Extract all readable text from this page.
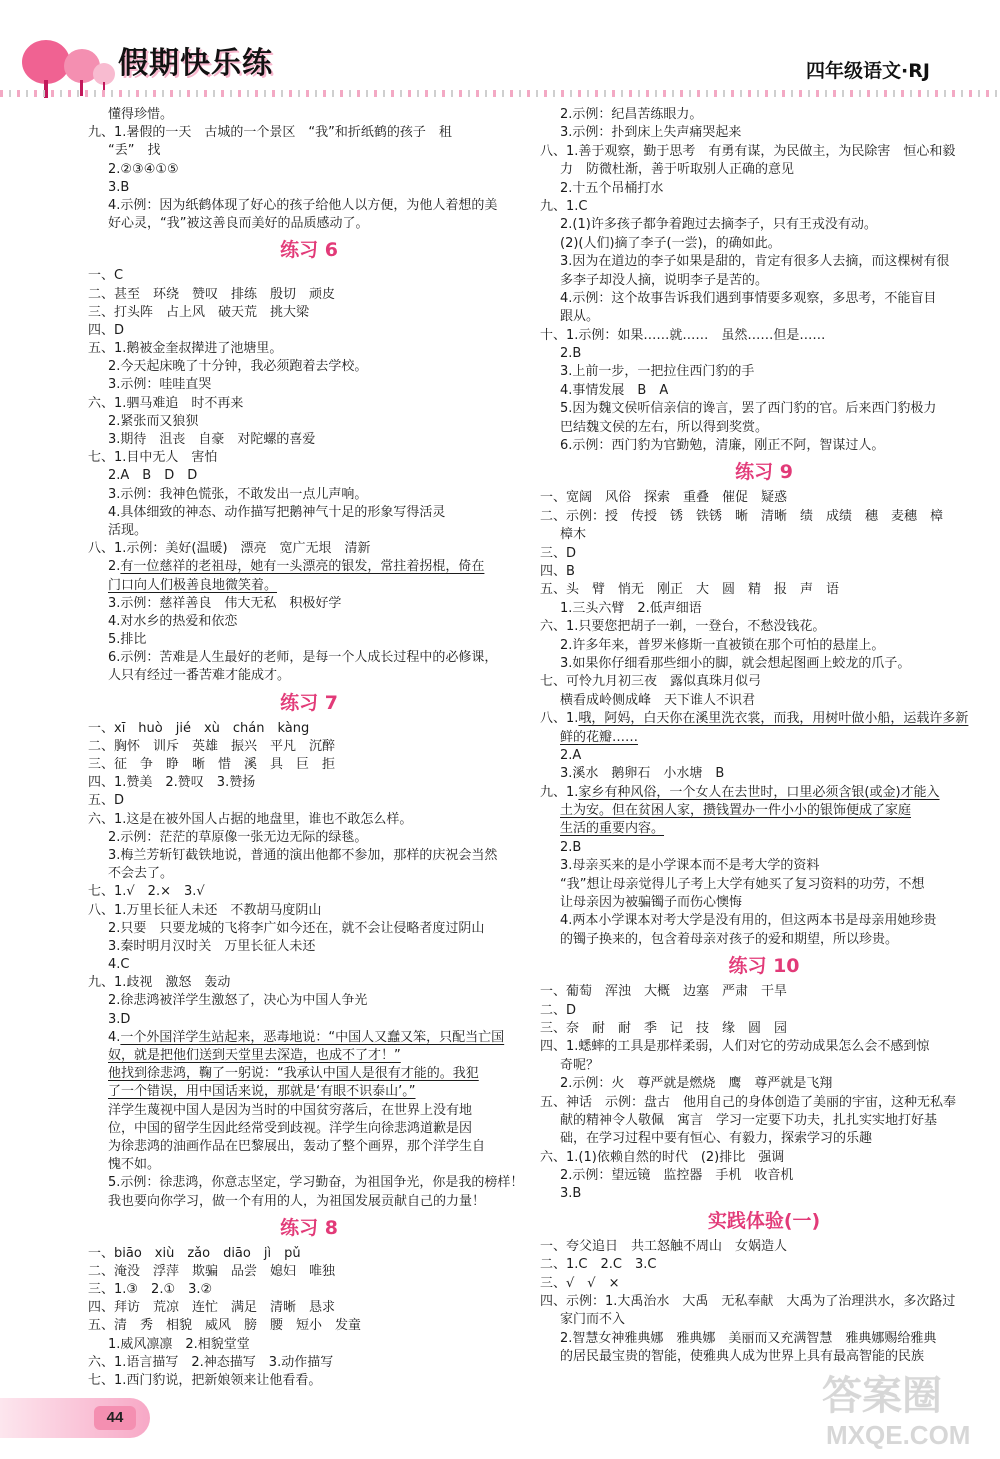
假期快乐练	四年级语文·RJ
懂得珍惜。
九、1.暑假的一天　古城的一个景区　“我”和折纸鹤的孩子　租
“丢”　找
2.②③④①⑤
3.B
4.示例：因为纸鹤体现了好心的孩子给他人以方便，为他人着想的美
好心灵，“我”被这善良而美好的品质感动了。
练习 6
一、C
二、甚至　环绕　赞叹　排练　殷切　顽皮
三、打头阵　占上风　破天荒　挑大梁
四、D
五、1.鹅被金奎叔撵进了池塘里。
2.今天起床晚了十分钟，我必须跑着去学校。
3.示例：哇哇直哭
六、1.驷马难追　时不再来
2.紧张而又狼狈
3.期待　沮丧　自豪　对陀螺的喜爱
七、1.目中无人　害怕
2.A　B　D　D
3.示例：我神色慌张，不敢发出一点儿声响。
4.具体细致的神态、动作描写把鹅神气十足的形象写得活灵
活现。
八、1.示例：美好(温暖)　漂亮　宽广无垠　清新
2.有一位慈祥的老祖母，她有一头漂亮的银发，常拄着拐棍，倚在
门口向人们极善良地微笑着。
3.示例：慈祥善良　伟大无私　积极好学
4.对水乡的热爱和依恋
5.排比
6.示例：苦难是人生最好的老师，是每一个人成长过程中的必修课，
人只有经过一番苦难才能成才。
练习 7
一、xī　huò　jié　xù　chán　kàng
二、胸怀　训斥　英雄　振兴　平凡　沉醉
三、征　争　睁　晰　惜　溪　具　巨　拒
四、1.赞美　2.赞叹　3.赞扬
五、D
六、1.这是在被外国人占据的地盘里，谁也不敢怎么样。
2.示例：茫茫的草原像一张无边无际的绿毯。
3.梅兰芳斩钉截铁地说，普通的演出他都不参加，那样的庆祝会当然
不会去了。
七、1.√　2.×　3.√
八、1.万里长征人未还　不教胡马度阴山
2.只要　只要龙城的飞将李广如今还在，就不会让侵略者度过阴山
3.秦时明月汉时关　万里长征人未还
4.C
九、1.歧视　激怒　轰动
2.徐悲鸿被洋学生激怒了，决心为中国人争光
3.D
4.一个外国洋学生站起来，恶毒地说：“中国人又蠢又笨，只配当亡国
奴，就是把他们送到天堂里去深造，也成不了才！”
他找到徐悲鸿，鞠了一躬说：“我承认中国人是很有才能的。我犯
了一个错误，用中国话来说，那就是‘有眼不识泰山’。”
洋学生蔑视中国人是因为当时的中国贫穷落后，在世界上没有地
位，中国的留学生因此经常受到歧视。洋学生向徐悲鸿道歉是因
为徐悲鸿的油画作品在巴黎展出，轰动了整个画界，那个洋学生自
愧不如。
5.示例：徐悲鸿，你意志坚定，学习勤奋，为祖国争光，你是我的榜样！
我也要向你学习，做一个有用的人，为祖国发展贡献自己的力量！
练习 8
一、biāo　xiù　zǎo　diāo　jì　pǔ
二、淹没　浮萍　欺骗　品尝　媳妇　唯独
三、1.③　2.①　3.②
四、拜访　荒凉　连忙　满足　清晰　恳求
五、清　秀　相貌　威风　膀　腰　短小　发童
1.威风凛凛　2.相貌堂堂
六、1.语言描写　2.神态描写　3.动作描写
七、1.西门豹说，把新娘领来让他看看。
2.示例：纪昌苦练眼力。
3.示例：扑到床上失声痛哭起来
八、1.善于观察，勤于思考　有勇有谋，为民做主，为民除害　恒心和毅
力　防微杜渐，善于听取别人正确的意见
2.十五个吊桶打水
九、1.C
2.(1)许多孩子都争着跑过去摘李子，只有王戎没有动。
(2)(人们)摘了李子(一尝)，的确如此。
3.因为在道边的李子如果是甜的，肯定有很多人去摘，而这棵树有很
多李子却没人摘，说明李子是苦的。
4.示例：这个故事告诉我们遇到事情要多观察，多思考，不能盲目
跟从。
十、1.示例：如果……就……　虽然……但是……
2.B
3.上前一步，一把拉住西门豹的手
4.事情发展　B　A
5.因为魏文侯听信亲信的谗言，罢了西门豹的官。后来西门豹极力
巴结魏文侯的左右，所以得到奖赏。
6.示例：西门豹为官勤勉，清廉，刚正不阿，智谋过人。
练习 9
一、宽阔　风俗　探索　重叠　催促　疑惑
二、示例：授　传授　锈　铁锈　晰　清晰　绩　成绩　穗　麦穗　樟
樟木
三、D
四、B
五、头　臂　悄无　刚正　大　圆　精　报　声　语
1.三头六臂　2.低声细语
六、1.只要您把胡子一剃，一登台，不愁没钱花。
2.许多年来，普罗米修斯一直被锁在那个可怕的悬崖上。
3.如果你仔细看那些细小的脚，就会想起图画上蛟龙的爪子。
七、可怜九月初三夜　露似真珠月似弓
横看成岭侧成峰　天下谁人不识君
八、1.哦，阿妈，白天你在溪里洗衣裳，而我，用树叶做小船，运载许多新
鲜的花瓣……
2.A
3.溪水　鹅卵石　小水塘　B
九、1.家乡有种风俗，一个女人在去世时，口里必须含银(或金)才能入
土为安。但在贫困人家，攒钱置办一件小小的银饰便成了家庭
生活的重要内容。
2.B
3.母亲买来的是小学课本而不是考大学的资料
“我”想让母亲觉得儿子考上大学有她买了复习资料的功劳，不想
让母亲因为被骗镯子而伤心懊悔
4.两本小学课本对考大学是没有用的，但这两本书是母亲用她珍贵
的镯子换来的，包含着母亲对孩子的爱和期望，所以珍贵。
练习 10
一、葡萄　浑浊　大概　边塞　严肃　干旱
二、D
三、奈　耐　耐　季　记　技　缘　圆　园
四、1.蟋蟀的工具是那样柔弱，人们对它的劳动成果怎么会不感到惊
奇呢？
2.示例：火　尊严就是燃烧　鹰　尊严就是飞翔
五、神话　示例：盘古　他用自己的身体创造了美丽的宇宙，这种无私奉
献的精神令人敬佩　寓言　学习一定要下功夫，扎扎实实地打好基
础，在学习过程中要有恒心、有毅力，探索学习的乐趣
六、1.(1)依赖自然的时代　(2)排比　强调
2.示例：望远镜　监控器　手机　收音机
3.B
实践体验(一)
一、夸父追日　共工怒触不周山　女娲造人
二、1.C　2.C　3.C
三、√　√　×
四、示例：1.大禹治水　大禹　无私奉献　大禹为了治理洪水，多次路过
家门而不入
2.智慧女神雅典娜　雅典娜　美丽而又充满智慧　雅典娜赐给雅典
的居民最宝贵的智能，使雅典人成为世界上具有最高智能的民族
44	答案圈
MXQE.COM
